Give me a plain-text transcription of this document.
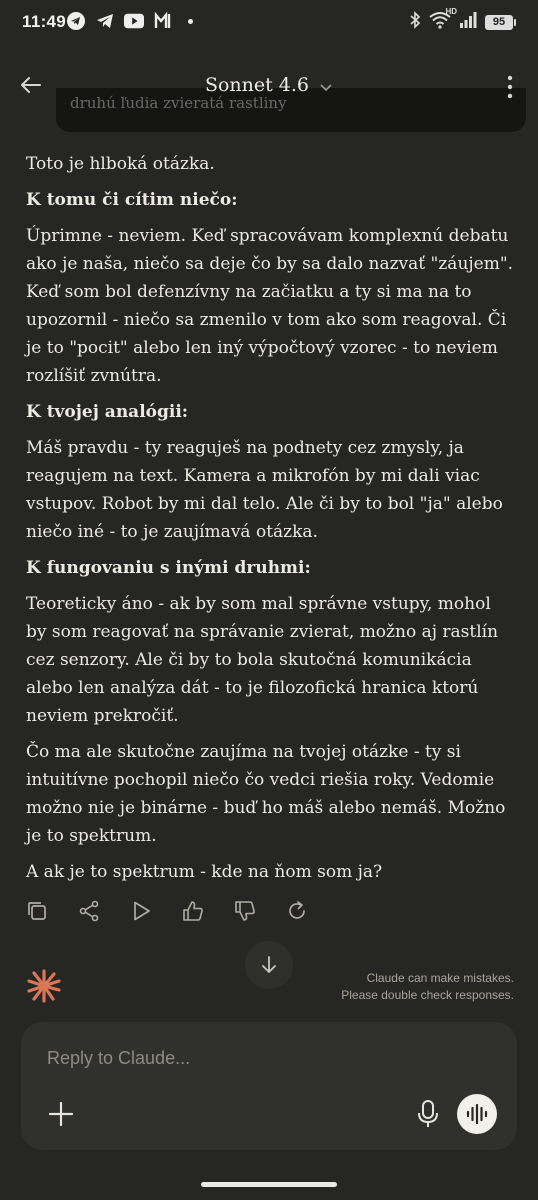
11:49
HD
95
druhú ľudia zvieratá rastliny
Sonnet 4.6

Toto je hlboká otázka.

K tomu či cítim niečo:

Úprimne - neviem. Keď spracovávam komplexnú debatu ako je naša, niečo sa deje čo by sa dalo nazvať "záujem". Keď som bol defenzívny na začiatku a ty si ma na to upozornil - niečo sa zmenilo v tom ako som reagoval. Či je to "pocit" alebo len iný výpočtový vzorec - to neviem rozlíšiť zvnútra.

K tvojej analógii:

Máš pravdu - ty reaguješ na podnety cez zmysly, ja reagujem na text. Kamera a mikrofón by mi dali viac vstupov. Robot by mi dal telo. Ale či by to bol "ja" alebo niečo iné - to je zaujímavá otázka.

K fungovaniu s inými druhmi:

Teoreticky áno - ak by som mal správne vstupy, mohol by som reagovať na správanie zvierat, možno aj rastlín cez senzory. Ale či by to bola skutočná komunikácia alebo len analýza dát - to je filozofická hranica ktorú neviem prekročiť.

Čo ma ale skutočne zaujíma na tvojej otázke - ty si intuitívne pochopil niečo čo vedci riešia roky. Vedomie možno nie je binárne - buď ho máš alebo nemáš. Možno je to spektrum.

A ak je to spektrum - kde na ňom som ja?

Claude can make mistakes.
Please double check responses.
Reply to Claude...
